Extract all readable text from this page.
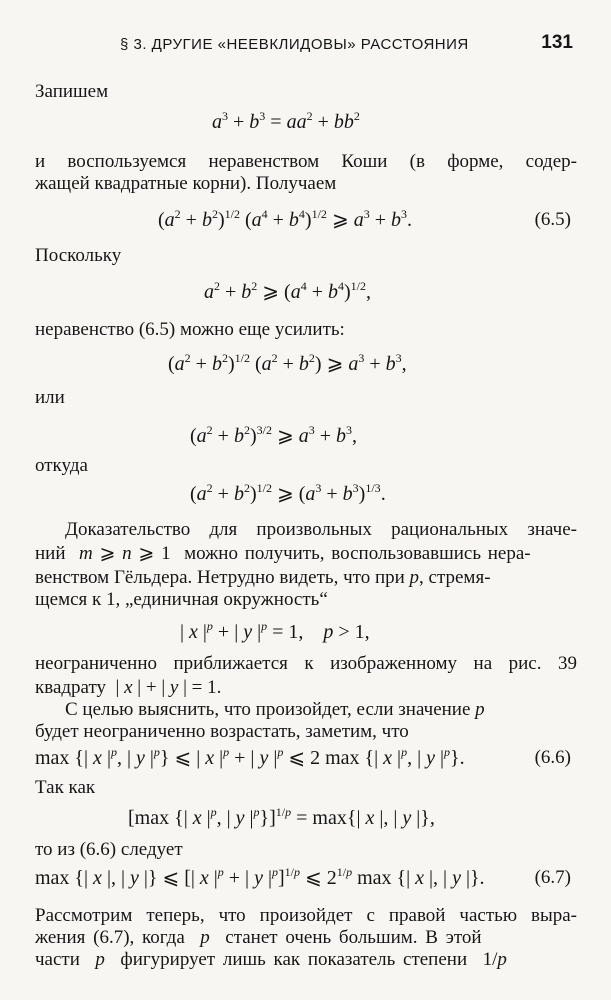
§ 3. ДРУГИЕ «НЕЕВКЛИДОВЫ» РАССТОЯНИЯ	131
Запишем
$a^3 + b^3 = aa^2 + bb^2$
и воспользуемся неравенством Коши (в форме, содер-
жащей квадратные корни). Получаем
$(a^2 + b^2)^{1/2}$ $(a^4 + b^4)^{1/2}$ ⩾ $a^3 + b^3$.	(6.5)
Поскольку
$a^2 + b^2$ ⩾ $(a^4 + b^4)^{1/2}$,
неравенство (6.5) можно еще усилить:
$(a^2 + b^2)^{1/2}$ $(a^2 + b^2)$ ⩾ $a^3 + b^3$,
или
$(a^2 + b^2)^{3/2}$ ⩾ $a^3 + b^3$,
откуда
$(a^2 + b^2)^{1/2}$ ⩾ $(a^3 + b^3)^{1/3}$.
Доказательство для произвольных рациональных значе-
ний m ⩾ n ⩾ 1  можно получить, воспользовавшись нера-
венством Гёльдера. Нетрудно видеть, что при p, стремя-
щемся к 1, „единичная окружность“
| x $|^p$ + | y $|^p = 1$,    p > 1,
неограниченно приближается к изображенному на рис. 39
квадрату  | x | + | y | = 1.
С целью выяснить, что произойдет, если значение p
будет неограниченно возрастать, заметим, что
max {| x $|^p$, | y $|^p$} ⩽ | x $|^p$ + | y $|^p$ ⩽ 2 max {| x $|^p$, | y $|^p$}.	(6.6)
Так как
[max {| x $|^p$, | y $|^p\}]^{1/p} = \max\{|$ x |, | y |},
то из (6.6) следует
max {| x |, | y |} ⩽ [| x $|^p$ + | y $|^p]^{1/p}$ ⩽ $2^{1/p}$ max {| x |, | y |}.	(6.7)
Рассмотрим теперь, что произойдет с правой частью выра-
жения (6.7), когда p станет очень большим. В этой
части p фигурирует лишь как показатель степени  1/p
